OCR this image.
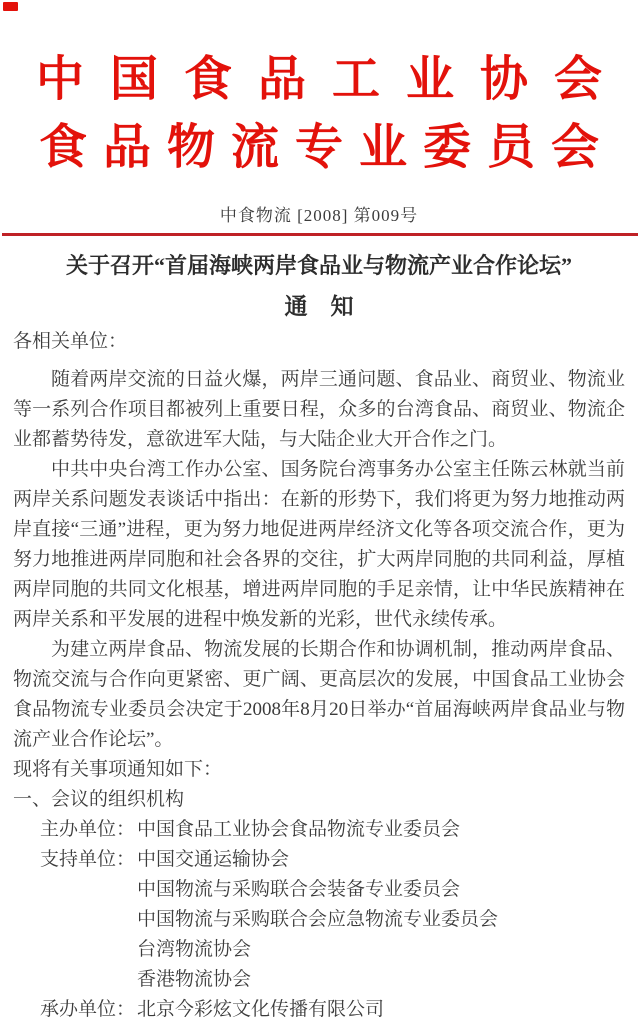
中国食品工业协会
食品物流专业委员会
中食物流 [2008] 第009号
关于召开“首届海峡两岸食品业与物流产业合作论坛”
通　知
各相关单位：

随着两岸交流的日益火爆，两岸三通问题、食品业、商贸业、物流业等一系列合作项目都被列上重要日程，众多的台湾食品、商贸业、物流企业都蓄势待发，意欲进军大陆，与大陆企业大开合作之门。

中共中央台湾工作办公室、国务院台湾事务办公室主任陈云林就当前两岸关系问题发表谈话中指出：在新的形势下，我们将更为努力地推动两岸直接“三通”进程，更为努力地促进两岸经济文化等各项交流合作，更为努力地推进两岸同胞和社会各界的交往，扩大两岸同胞的共同利益，厚植两岸同胞的共同文化根基，增进两岸同胞的手足亲情，让中华民族精神在两岸关系和平发展的进程中焕发新的光彩，世代永续传承。

为建立两岸食品、物流发展的长期合作和协调机制，推动两岸食品、物流交流与合作向更紧密、更广阔、更高层次的发展，中国食品工业协会食品物流专业委员会决定于2008年8月20日举办“首届海峡两岸食品业与物流产业合作论坛”。

现将有关事项通知如下：
一、会议的组织机构
主办单位： 中国食品工业协会食品物流专业委员会
支持单位： 中国交通运输协会
中国物流与采购联合会装备专业委员会
中国物流与采购联合会应急物流专业委员会
台湾物流协会
香港物流协会
承办单位： 北京今彩炫文化传播有限公司
